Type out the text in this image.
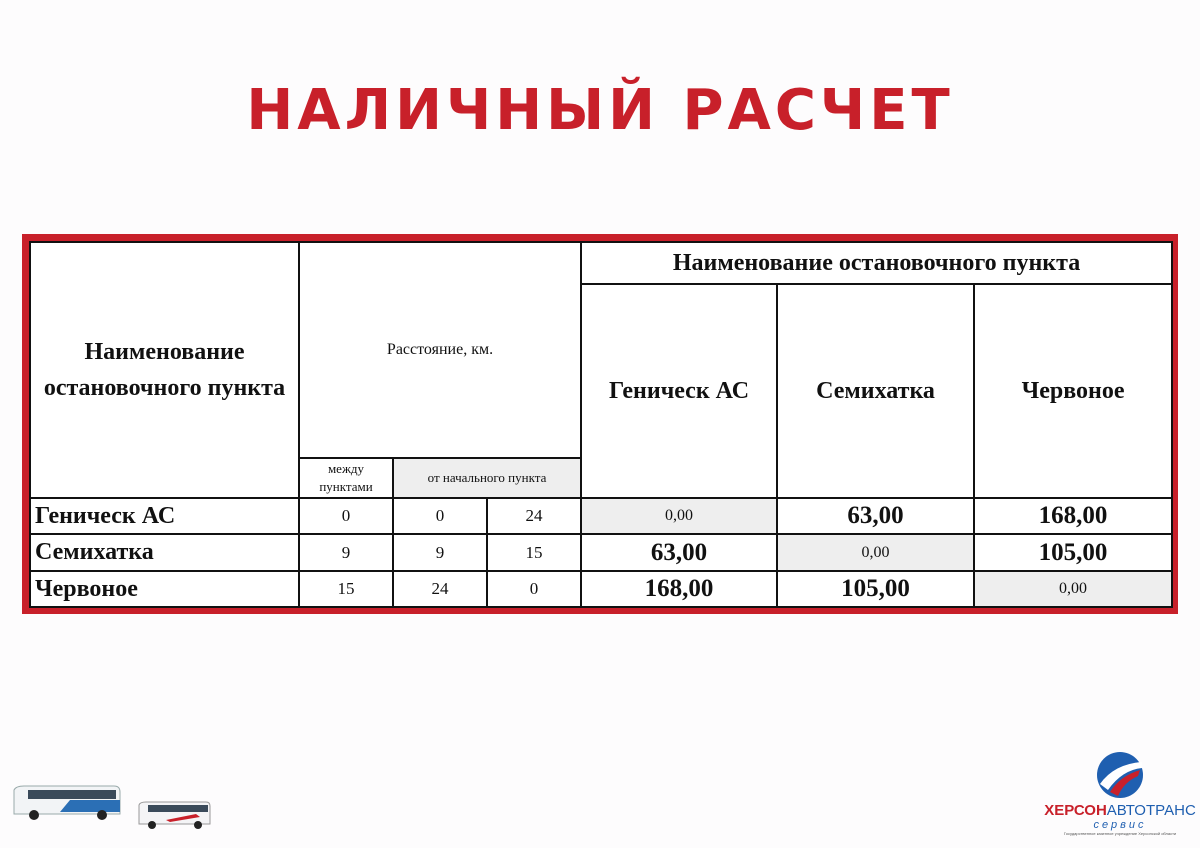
НАЛИЧНЫЙ РАСЧЕТ
Наименование остановочного пункта	Расстояние, км.			Наименование остановочного пункта		
				Геническ АС	Семихатка	Червоное
	между пунктами	от начального пункта				
Геническ АС	0	0	24	0,00	63,00	168,00
Семихатка	9	9	15	63,00	0,00	105,00
Червоное	15	24	0	168,00	105,00	0,00
ХЕРСОНАВТОТРАНС
сервис
Государственное казенное учреждение Херсонской области
